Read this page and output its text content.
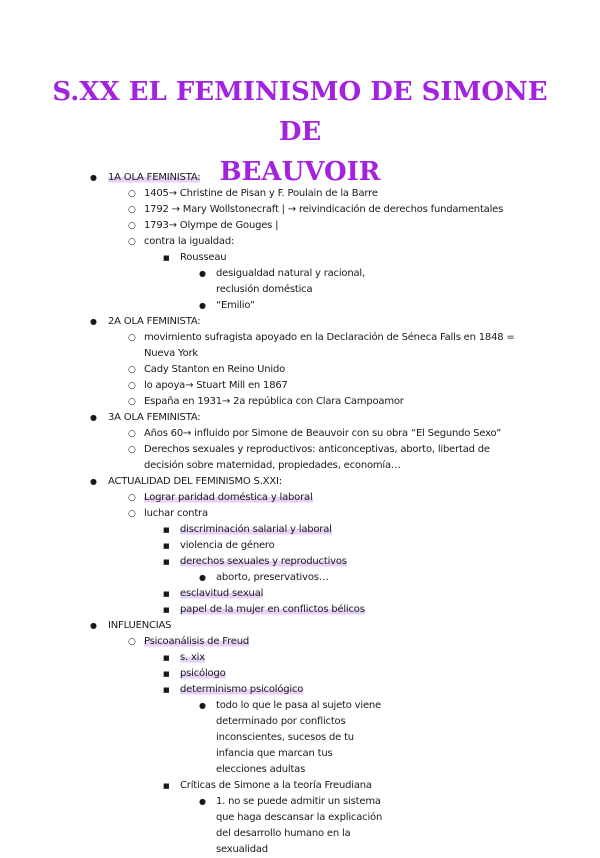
S.XX EL FEMINISMO DE SIMONE DE
BEAUVOIR
● 1A OLA FEMINISTA:
○ 1405→ Christine de Pisan y F. Poulain de la Barre
○ 1792 → Mary Wollstonecraft | → reivindicación de derechos fundamentales
○ 1793→ Olympe de Gouges |
○ contra la igualdad:
■ Rousseau
● desigualdad natural y racional, reclusión doméstica
● “Emilio”
● 2A OLA FEMINISTA:
○ movimiento sufragista apoyado en la Declaración de Séneca Falls en 1848 = Nueva York
○ Cady Stanton en Reino Unido
○ lo apoya→ Stuart Mill en 1867
○ España en 1931→ 2a república con Clara Campoamor
● 3A OLA FEMINISTA:
○ Años 60→ influido por Simone de Beauvoir con su obra “El Segundo Sexo”
○ Derechos sexuales y reproductivos: anticonceptivas, aborto, libertad de decisión sobre maternidad, propiedades, economía…
● ACTUALIDAD DEL FEMINISMO S.XXI:
○ Lograr paridad doméstica y laboral
○ luchar contra
■ discriminación salarial y laboral
■ violencia de género
■ derechos sexuales y reproductivos
● aborto, preservativos…
■ esclavitud sexual
■ papel de la mujer en conflictos bélicos
● INFLUENCIAS
○ Psicoanálisis de Freud
■ s. xix
■ psicólogo
■ determinismo psicológico
● todo lo que le pasa al sujeto viene determinado por conflictos inconscientes, sucesos de tu infancia que marcan tus elecciones adultas
■ Críticas de Simone a la teoría Freudiana
● 1. no se puede admitir un sistema que haga descansar la explicación del desarrollo humano en la sexualidad
